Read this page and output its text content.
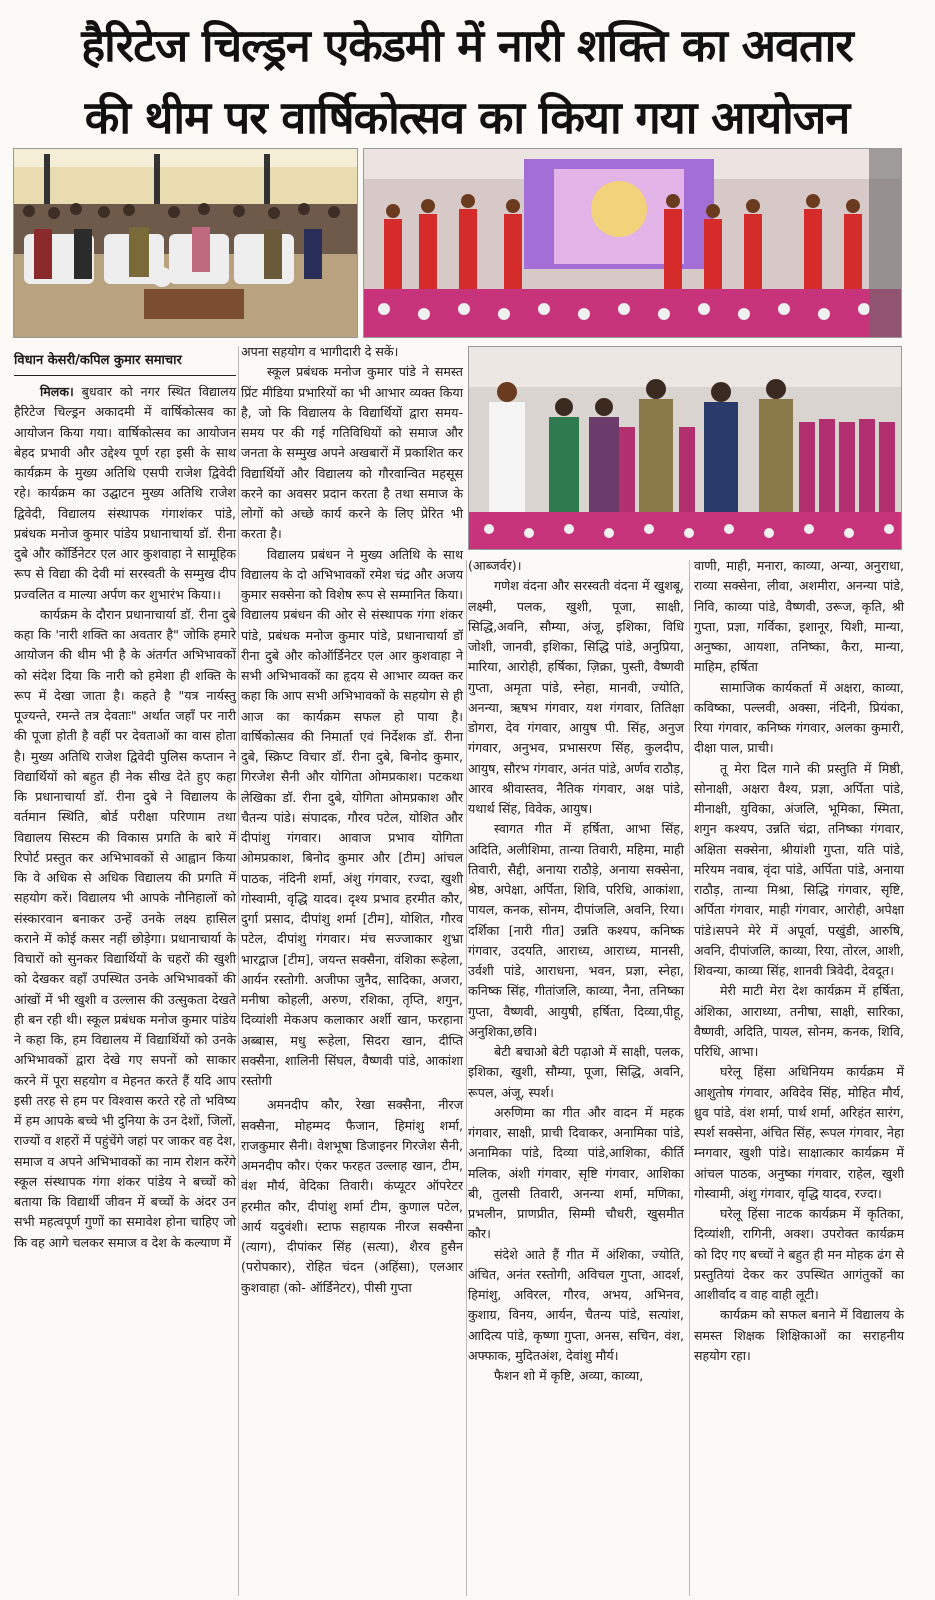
हैरिटेज चिल्ड्रन एकेडमी में नारी शक्ति का अवतार
की थीम पर वार्षिकोत्सव का किया गया आयोजन
विधान केसरी/कपिल कुमार समाचार

मिलक। बुधवार को नगर स्थित विद्यालय हैरिटेज चिल्ड्रन अकादमी में वार्षिकोत्सव का आयोजन किया गया। वार्षिकोत्सव का आयोजन बेहद प्रभावी और उद्देश्य पूर्ण रहा इसी के साथ कार्यक्रम के मुख्य अतिथि एसपी राजेश द्विवेदी रहे। कार्यक्रम का उद्घाटन मुख्य अतिथि राजेश द्विवेदी, विद्यालय संस्थापक गंगाशंकर पांडे, प्रबंधक मनोज कुमार पांडेय प्रधानाचार्या डॉ. रीना दुबे और कॉर्डिनेटर एल आर कुशवाहा ने सामूहिक रूप से विद्या की देवी मां सरस्वती के सम्मुख दीप प्रज्वलित व माल्या अर्पण कर शुभारंभ किया।।

कार्यक्रम के दौरान प्रधानाचार्या डॉ. रीना दुबे कहा कि 'नारी शक्ति का अवतार है" जोकि हमारे आयोजन की थीम भी है के अंतर्गत अभिभावकों को संदेश दिया कि नारी को हमेशा ही शक्ति के रूप में देखा जाता है। कहते है "यत्र नार्यस्तु पूज्यन्ते, रमन्ते तत्र देवताः" अर्थात जहाँ पर नारी की पूजा होती है वहीं पर देवताओं का वास होता है। मुख्य अतिथि राजेश द्विवेदी पुलिस कप्तान ने विद्यार्थियों को बहुत ही नेक सीख देते हुए कहा कि प्रधानाचार्या डॉ. रीना दुबे ने विद्यालय के वर्तमान स्थिति, बोर्ड परीक्षा परिणाम तथा विद्यालय सिस्टम की विकास प्रगति के बारे में रिपोर्ट प्रस्तुत कर अभिभावकों से आह्वान किया कि वे अधिक से अधिक विद्यालय की प्रगति में सहयोग करें। विद्यालय भी आपके नौनिहालों को संस्कारवान बनाकर उन्हें उनके लक्ष्य हासिल कराने में कोई कसर नहीं छोड़ेगा। प्रधानाचार्या के विचारों को सुनकर विद्यार्थियों के चहरों की खुशी को देखकर वहाँ उपस्थित उनके अभिभावकों की आंखों में भी खुशी व उल्लास की उत्सुकता देखते ही बन रही थी। स्कूल प्रबंधक मनोज कुमार पांडेय ने कहा कि, हम विद्यालय में विद्यार्थियों को उनके अभिभावकों द्वारा देखे गए सपनों को साकार करने में पूरा सहयोग व मेहनत करते हैं यदि आप इसी तरह से हम पर विश्वास करते रहे तो भविष्य में हम आपके बच्चे भी दुनिया के उन देशों, जिलों, राज्यों व शहरों में पहुंचेंगे जहां पर जाकर वह देश, समाज व अपने अभिभावकों का नाम रोशन करेंगे स्कूल संस्थापक गंगा शंकर पांडेय ने बच्चों को बताया कि विद्यार्थी जीवन में बच्चों के अंदर उन सभी महत्वपूर्ण गुणों का समावेश होना चाहिए जो कि वह आगे चलकर समाज व देश के कल्याण में

अपना सहयोग व भागीदारी दे सकें।

स्कूल प्रबंधक मनोज कुमार पांडे ने समस्त प्रिंट मीडिया प्रभारियों का भी आभार व्यक्त किया है, जो कि विद्यालय के विद्यार्थियों द्वारा समय-समय पर की गई गतिविधियों को समाज और जनता के सम्मुख अपने अखबारों में प्रकाशित कर विद्यार्थियों और विद्यालय को गौरवान्वित महसूस करने का अवसर प्रदान करता है तथा समाज के लोगों को अच्छे कार्य करने के लिए प्रेरित भी करता है।

विद्यालय प्रबंधन ने मुख्य अतिथि के साथ विद्यालय के दो अभिभावकों रमेश चंद्र और अजय कुमार सक्सेना को विशेष रूप से सम्मानित किया। विद्यालय प्रबंधन की ओर से संस्थापक गंगा शंकर पांडे, प्रबंधक मनोज कुमार पांडे, प्रधानाचार्या डॉ रीना दुबे और कोऑर्डिनेटर एल आर कुशवाहा ने सभी अभिभावकों का हृदय से आभार व्यक्त कर कहा कि आप सभी अभिभावकों के सहयोग से ही आज का कार्यक्रम सफल हो पाया है। वार्षिकोत्सव की निमार्ता एवं निर्देशक डॉ. रीना दुबे, स्क्रिप्ट विचार डॉ. रीना दुबे, बिनोद कुमार, गिरजेश सैनी और योगिता ओमप्रकाश। पटकथा लेखिका डॉ. रीना दुबे, योगिता ओमप्रकाश और चैतन्य पांडे। संपादक, गौरव पटेल, योशित और दीपांशु गंगवार। आवाज प्रभाव योगिता ओमप्रकाश, बिनोद कुमार और [टीम] आंचल पाठक, नंदिनी शर्मा, अंशु गंगवार, रज्दा, खुशी गोस्वामी, वृद्धि यादव। दृश्य प्रभाव हरमीत कौर, दुर्गा प्रसाद, दीपांशु शर्मा [टीम], योशित, गौरव पटेल, दीपांशु गंगवार। मंच सज्जाकार शुभ्रा भारद्वाज [टीम], जयन्त सक्सैना, वंशिका रूहेला, आर्यन रस्तोगी. अजीफा जुनैद, सादिका, अजरा, मनीषा कोहली, अरुण, रशिका, तृप्ति, शगुन, दिव्यांशी मेकअप कलाकार अर्शी खान, फरहाना अब्बास, मधु रूहेला, सिदरा खान, दीप्ति सक्सैना, शालिनी सिंघल, वैष्णवी पांडे, आकांशा रस्तोगी

अमनदीप कौर, रेखा सक्सैना, नीरज सक्सैना, मोहम्मद फैजान, हिमांशु शर्मा, राजकुमार सैनी। वेशभूषा डिजाइनर गिरजेश सैनी, अमनदीप कौर। एंकर फरहत उल्लाह खान, टीम, वंश मौर्य, वेदिका तिवारी। कंप्यूटर ऑपरेटर हरमीत कौर, दीपांशु शर्मा टीम, कुणाल पटेल, आर्य यदुवंशी। स्टाफ सहायक नीरज सक्सैना (त्याग), दीपांकर सिंह (सत्या), शैरव हुसैन (परोपकार), रोहित चंदन (अहिंसा), एलआर कुशवाहा (को- ऑर्डिनेटर), पीसी गुप्ता

(आब्जर्वर)।

गणेश वंदना और सरस्वती वंदना में खुशबू, लक्ष्मी, पलक, खुशी, पूजा, साक्षी, सिद्धि,अवनि, सौम्या, अंजू, इशिका, विधि जोशी, जानवी, इशिका, सिद्धि पांडे, अनुप्रिया, मारिया, आरोही, हर्षिका, ज़िक्रा, पुस्ती, वैष्णवी गुप्ता, अमृता पांडे, स्नेहा, मानवी, ज्योति, अनन्या, ऋषभ गंगवार, यश गंगवार, तितिक्षा डोगरा, देव गंगवार, आयुष पी. सिंह, अनुज गंगवार, अनुभव, प्रभासरण सिंह, कुलदीप, आयुष, सौरभ गंगवार, अनंत पांडे, अर्णव राठौड़, आरव श्रीवास्तव, नैतिक गंगवार, अक्ष पांडे, यथार्थ सिंह, विवेक, आयुष।

स्वागत गीत में हर्षिता, आभा सिंह, अदिति, अलीशिमा, तान्या तिवारी, महिमा, माही तिवारी, सैद्दी, अनाया राठौड़े, अनाया सक्सेना, श्रेष्ठ, अपेक्षा, अर्पिता, शिवि, परिधि, आकांशा, पायल, कनक, सोनम, दीपांजलि, अवनि, रिया। दर्शिका [नारी गीत] उन्नति कश्यप, कनिष्क गंगवार, उदयति, आराध्य, आराध्य, मानसी, उर्वशी पांडे, आराधना, भवन, प्रज्ञा, स्नेहा, कनिष्क सिंह, गीतांजलि, काव्या, नैना, तनिष्का गुप्ता, वैष्णवी, आयुषी, हर्षिता, दिव्या,पीहू, अनुशिका,छवि।

बेटी बचाओ बेटी पढ़ाओ में साक्षी, पलक, इशिका, खुशी, सौम्या, पूजा, सिद्धि, अवनि, रूपल, अंजू, स्पर्श।

अरुणिमा का गीत और वादन में महक गंगवार, साक्षी, प्राची दिवाकर, अनामिका पांडे, अनामिका पांडे, दिव्या पांडे,आशिका, कीर्ति मलिक, अंशी गंगवार, सृष्टि गंगवार, आशिका बी, तुलसी तिवारी, अनन्या शर्मा, मणिका, प्रभलीन, प्राणप्रीत, सिम्मी चौधरी, खुसमीत कौर।

संदेशे आते हैं गीत में अंशिका, ज्योति, अंचित, अनंत रस्तोगी, अविचल गुप्ता, आदर्श, हिमांशु, अविरल, गौरव, अभय, अभिनव, कुशाग्र, विनय, आर्यन, चैतन्य पांडे, सत्यांश, आदित्य पांडे, कृष्णा गुप्ता, अनस, सचिन, वंश, अफ्फाक, मुदितअंश, देवांशु मौर्य।

फैशन शो में कृष्टि, अव्या, काव्या,

वाणी, माही, मनारा, काव्या, अन्या, अनुराधा, राव्या सक्सेना, लीवा, अशमीरा, अनन्या पांडे, निवि, काव्या पांडे, वैष्णवी, उरूज, कृति, श्री गुप्ता, प्रज्ञा, गर्विका, इशानूर, यिशी, मान्या, अनुष्का, आयशा, तनिष्का, कैरा, मान्या, माहिम, हर्षिता

सामाजिक कार्यकर्ता में अक्षरा, काव्या, कविष्का, पल्लवी, अक्सा, नंदिनी, प्रियंका, रिया गंगवार, कनिष्क गंगवार, अलका कुमारी, दीक्षा पाल, प्राची।

तू मेरा दिल गाने की प्रस्तुति में मिष्ठी, सोनाक्षी, अक्षरा वैश्य, प्रज्ञा, अर्पिता पांडे, मीनाक्षी, युविका, अंजलि, भूमिका, स्मिता, शगुन कश्यप, उन्नति चंद्रा, तनिष्का गंगवार, अक्षिता सक्सेना, श्रीयांशी गुप्ता, यति पांडे, मरियम नवाब, वृंदा पांडे, अर्पिता पांडे, अनाया राठौड़, तान्या मिश्रा, सिद्धि गंगवार, सृष्टि, अर्पिता गंगवार, माही गंगवार, आरोही, अपेक्षा पांडे।सपने मेरे में अपूर्वा, पखुंडी, आरुषि, अवनि, दीपांजलि, काव्या, रिया, तोरल, आशी, शिवन्या, काव्या सिंह, शानवी त्रिवेदी, देवदूत।

मेरी माटी मेरा देश कार्यक्रम में हर्षिता, अंशिका, आराध्या, तनीषा, साक्षी, सारिका, वैष्णवी, अदिति, पायल, सोनम, कनक, शिवि, परिधि, आभा।

घरेलू हिंसा अधिनियम कार्यक्रम में आशुतोष गंगवार, अविदेव सिंह, मोहित मौर्य, ध्रुव पांडे, वंश शर्मा, पार्थ शर्मा, अरिहंत सारंग, स्पर्श सक्सेना, अंचित सिंह, रूपल गंगवार, नेहा म्नगवार, खुशी पांडे। साक्षात्कार कार्यक्रम में आंचल पाठक, अनुष्का गंगवार, राहेल, खुशी गोस्वामी, अंशु गंगवार, वृद्धि यादव, रज्दा।

घरेलू हिंसा नाटक कार्यक्रम में कृतिका, दिव्यांशी, रागिनी, अक्श। उपरोक्त कार्यक्रम को दिए गए बच्चों ने बहुत ही मन मोहक ढंग से प्रस्तुतियां देकर कर उपस्थित आगंतुकों का आशीर्वाद व वाह वाही लूटी।

कार्यक्रम को सफल बनाने में विद्यालय के समस्त शिक्षक शिक्षिकाओं का सराहनीय सहयोग रहा।
